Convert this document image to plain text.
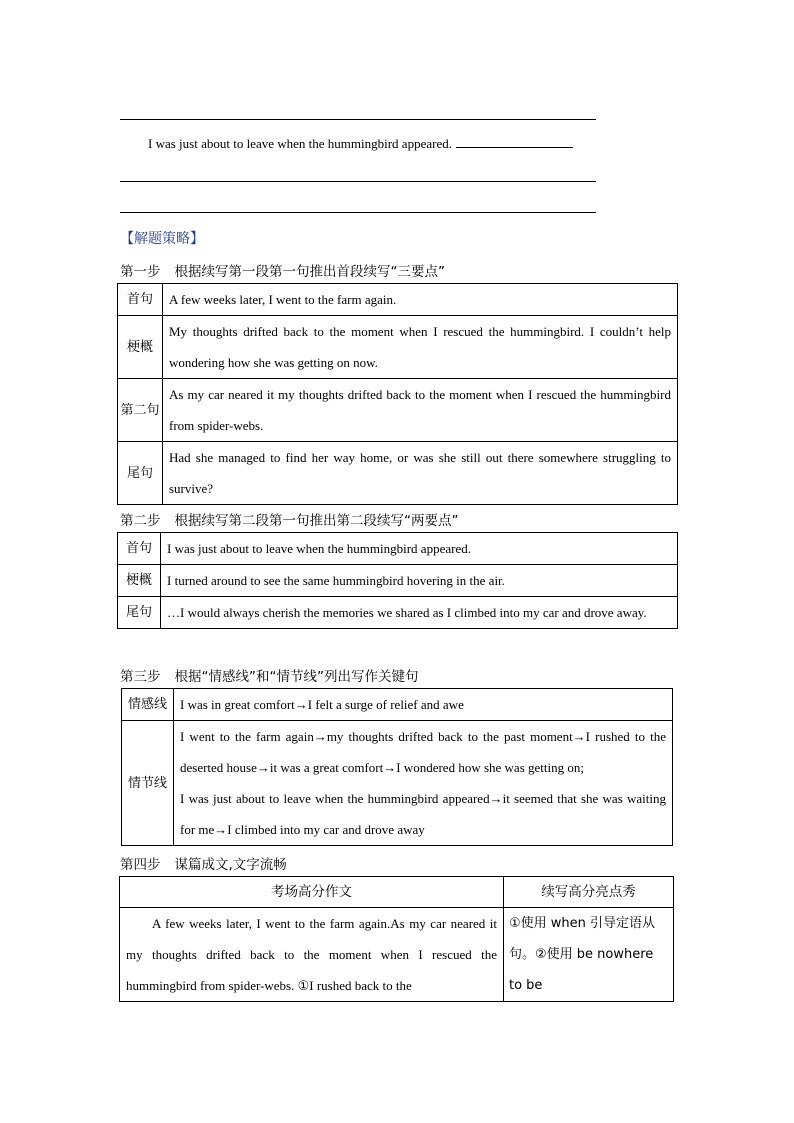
I was just about to leave when the hummingbird appeared.
【解题策略】
第一步 根据续写第一段第一句推出首段续写“三要点”
首句	A few weeks later, I went to the farm again.
梗概	My thoughts drifted back to the moment when I rescued the hummingbird. I couldn’t help wondering how she was getting on now.
第二句	As my car neared it my thoughts drifted back to the moment when I rescued the hummingbird from spider-webs.
尾句	Had she managed to find her way home, or was she still out there somewhere struggling to survive?
第二步 根据续写第二段第一句推出第二段续写“两要点”
首句	I was just about to leave when the hummingbird appeared.
梗概	I turned around to see the same hummingbird hovering in the air.
尾句	…I would always cherish the memories we shared as I climbed into my car and drove away.
第三步 根据“情感线”和“情节线”列出写作关键句
情感线	I was in great comfort→I felt a surge of relief and awe
情节线	I went to the farm again→my thoughts drifted back to the past moment→I rushed to the deserted house→it was a great comfort→I wondered how she was getting on;
I was just about to leave when the hummingbird appeared→it seemed that she was waiting for me→I climbed into my car and drove away
第四步 谋篇成文,文字流畅
考场高分作文	续写高分亮点秀
A few weeks later, I went to the farm again.As my car neared it my thoughts drifted back to the moment when I rescued the hummingbird from spider-webs. ①I rushed back to the	①使用 when 引导定语从句。②使用 be nowhere to be
